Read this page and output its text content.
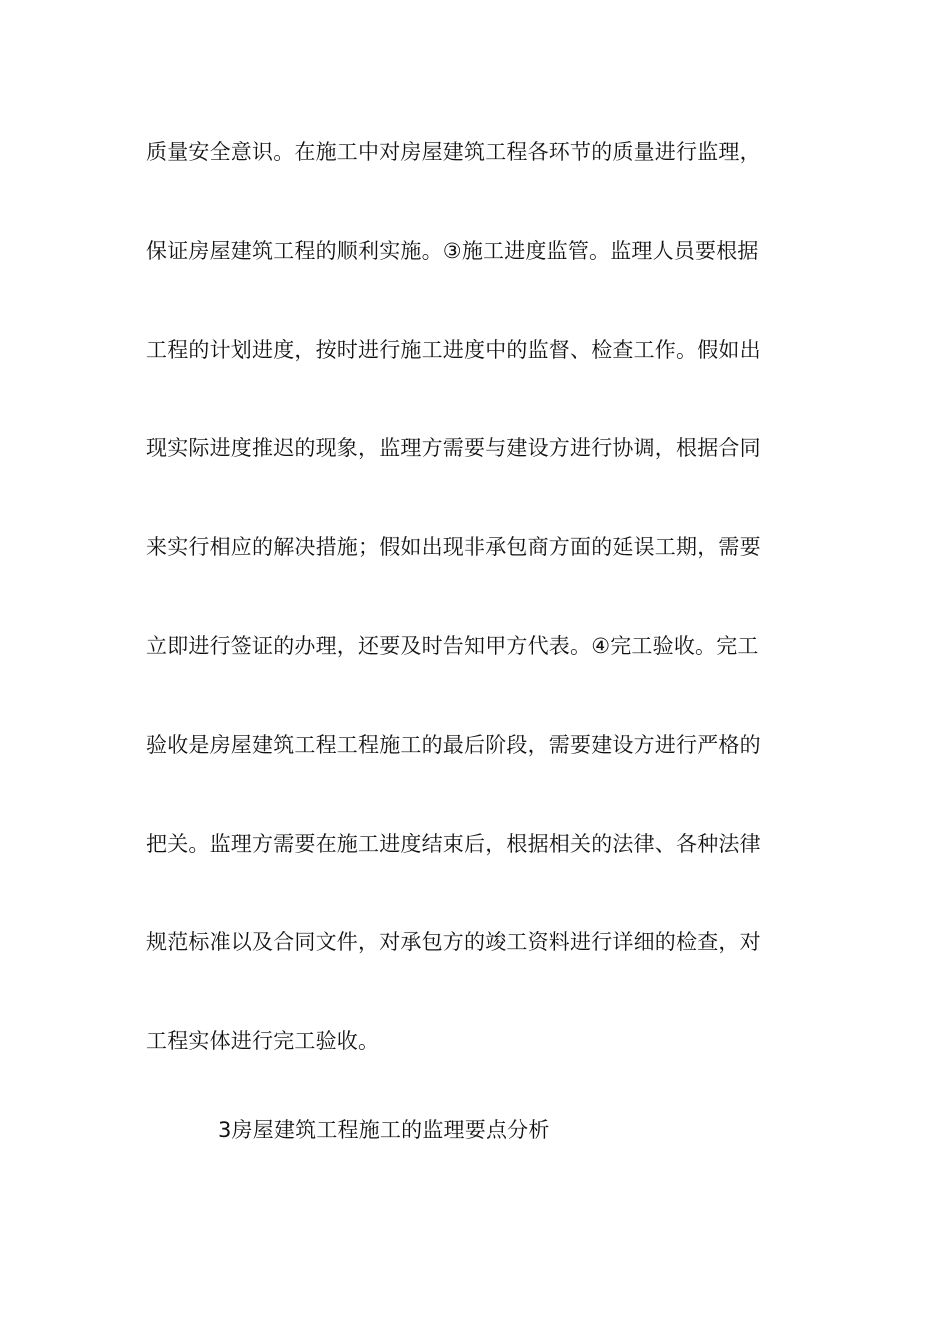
质量安全意识。在施工中对房屋建筑工程各环节的质量进行监理，
保证房屋建筑工程的顺利实施。③施工进度监管。监理人员要根据
工程的计划进度，按时进行施工进度中的监督、检查工作。假如出
现实际进度推迟的现象，监理方需要与建设方进行协调，根据合同
来实行相应的解决措施；假如出现非承包商方面的延误工期，需要
立即进行签证的办理，还要及时告知甲方代表。④完工验收。完工
验收是房屋建筑工程工程施工的最后阶段，需要建设方进行严格的
把关。监理方需要在施工进度结束后，根据相关的法律、各种法律
规范标准以及合同文件，对承包方的竣工资料进行详细的检查，对
工程实体进行完工验收。
3房屋建筑工程施工的监理要点分析
